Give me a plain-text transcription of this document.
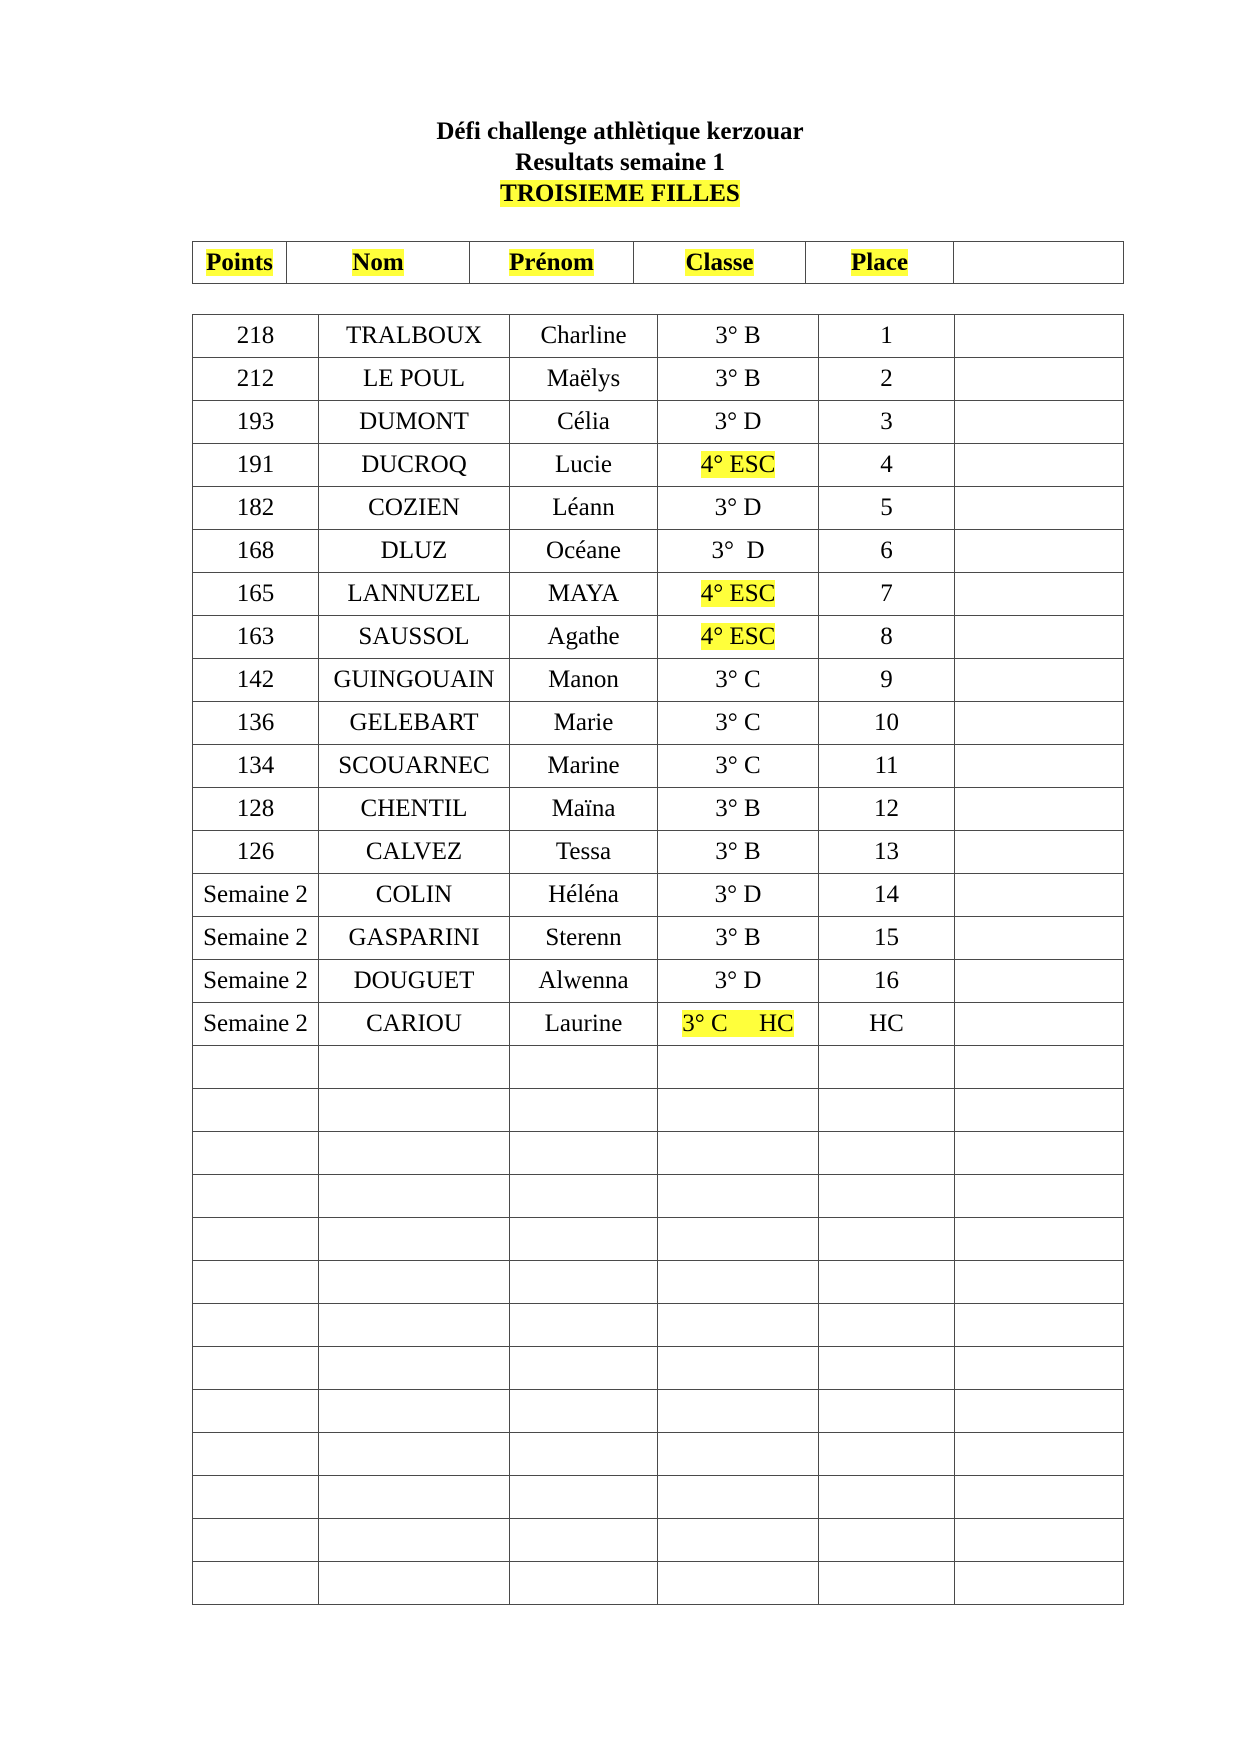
Défi challenge athlètique kerzouar
Resultats semaine 1
TROISIEME FILLES
Points	Nom	Prénom	Classe	Place	
218	TRALBOUX	Charline	3° B	1	
212	LE POUL	Maëlys	3° B	2	
193	DUMONT	Célia	3° D	3	
191	DUCROQ	Lucie	4° ESC	4	
182	COZIEN	Léann	3° D	5	
168	DLUZ	Océane	3°  D	6	
165	LANNUZEL	MAYA	4° ESC	7	
163	SAUSSOL	Agathe	4° ESC	8	
142	GUINGOUAIN	Manon	3° C	9	
136	GELEBART	Marie	3° C	10	
134	SCOUARNEC	Marine	3° C	11	
128	CHENTIL	Maïna	3° B	12	
126	CALVEZ	Tessa	3° B	13	
Semaine 2	COLIN	Héléna	3° D	14	
Semaine 2	GASPARINI	Sterenn	3° B	15	
Semaine 2	DOUGUET	Alwenna	3° D	16	
Semaine 2	CARIOU	Laurine	3° C     HC	HC	
